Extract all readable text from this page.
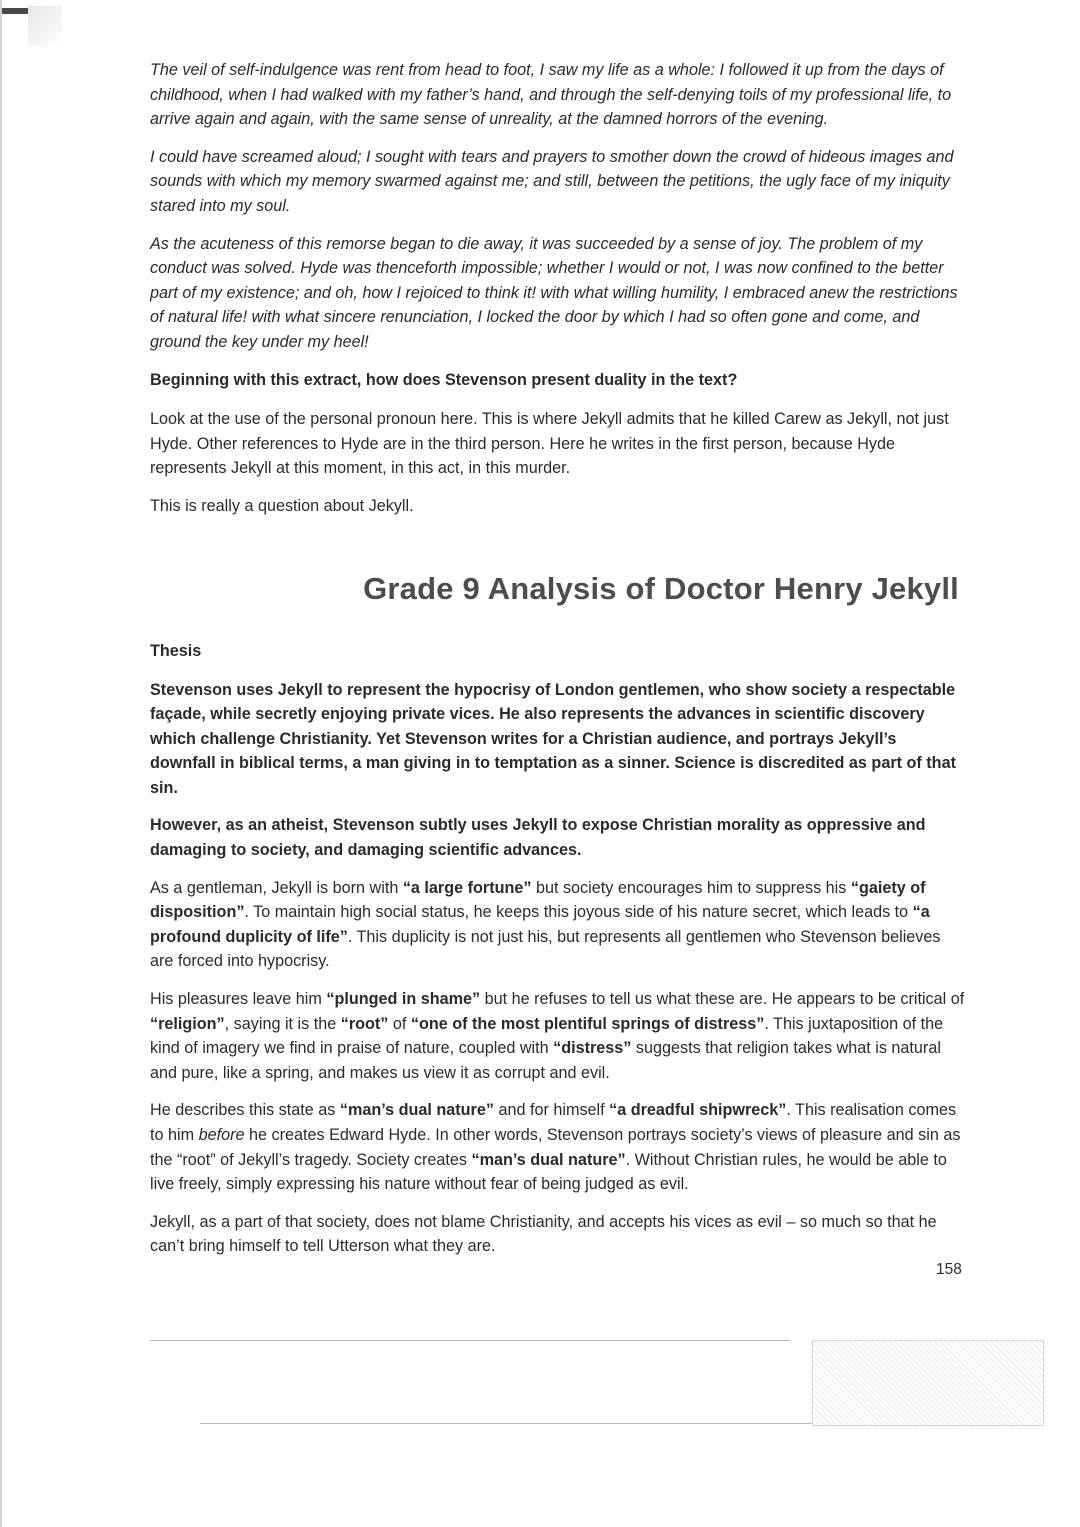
The veil of self-indulgence was rent from head to foot, I saw my life as a whole: I followed it up from the days of childhood, when I had walked with my father’s hand, and through the self-denying toils of my professional life, to arrive again and again, with the same sense of unreality, at the damned horrors of the evening.

I could have screamed aloud; I sought with tears and prayers to smother down the crowd of hideous images and sounds with which my memory swarmed against me; and still, between the petitions, the ugly face of my iniquity stared into my soul.

As the acuteness of this remorse began to die away, it was succeeded by a sense of joy. The problem of my conduct was solved. Hyde was thenceforth impossible; whether I would or not, I was now confined to the better part of my existence; and oh, how I rejoiced to think it! with what willing humility, I embraced anew the restrictions of natural life! with what sincere renunciation, I locked the door by which I had so often gone and come, and ground the key under my heel!

Beginning with this extract, how does Stevenson present duality in the text?

Look at the use of the personal pronoun here. This is where Jekyll admits that he killed Carew as Jekyll, not just Hyde. Other references to Hyde are in the third person. Here he writes in the first person, because Hyde represents Jekyll at this moment, in this act, in this murder.

This is really a question about Jekyll.

Grade 9 Analysis of Doctor Henry Jekyll

Thesis

Stevenson uses Jekyll to represent the hypocrisy of London gentlemen, who show society a respectable façade, while secretly enjoying private vices. He also represents the advances in scientific discovery which challenge Christianity. Yet Stevenson writes for a Christian audience, and portrays Jekyll’s downfall in biblical terms, a man giving in to temptation as a sinner. Science is discredited as part of that sin.

However, as an atheist, Stevenson subtly uses Jekyll to expose Christian morality as oppressive and damaging to society, and damaging scientific advances.

As a gentleman, Jekyll is born with “a large fortune” but society encourages him to suppress his “gaiety of disposition”. To maintain high social status, he keeps this joyous side of his nature secret, which leads to “a profound duplicity of life”. This duplicity is not just his, but represents all gentlemen who Stevenson believes are forced into hypocrisy.

His pleasures leave him “plunged in shame” but he refuses to tell us what these are. He appears to be critical of “religion”, saying it is the “root” of “one of the most plentiful springs of distress”. This juxtaposition of the kind of imagery we find in praise of nature, coupled with “distress” suggests that religion takes what is natural and pure, like a spring, and makes us view it as corrupt and evil.

He describes this state as “man’s dual nature” and for himself “a dreadful shipwreck”. This realisation comes to him before he creates Edward Hyde. In other words, Stevenson portrays society’s views of pleasure and sin as the “root” of Jekyll’s tragedy. Society creates “man’s dual nature”. Without Christian rules, he would be able to live freely, simply expressing his nature without fear of being judged as evil.

Jekyll, as a part of that society, does not blame Christianity, and accepts his vices as evil – so much so that he can’t bring himself to tell Utterson what they are.

158
